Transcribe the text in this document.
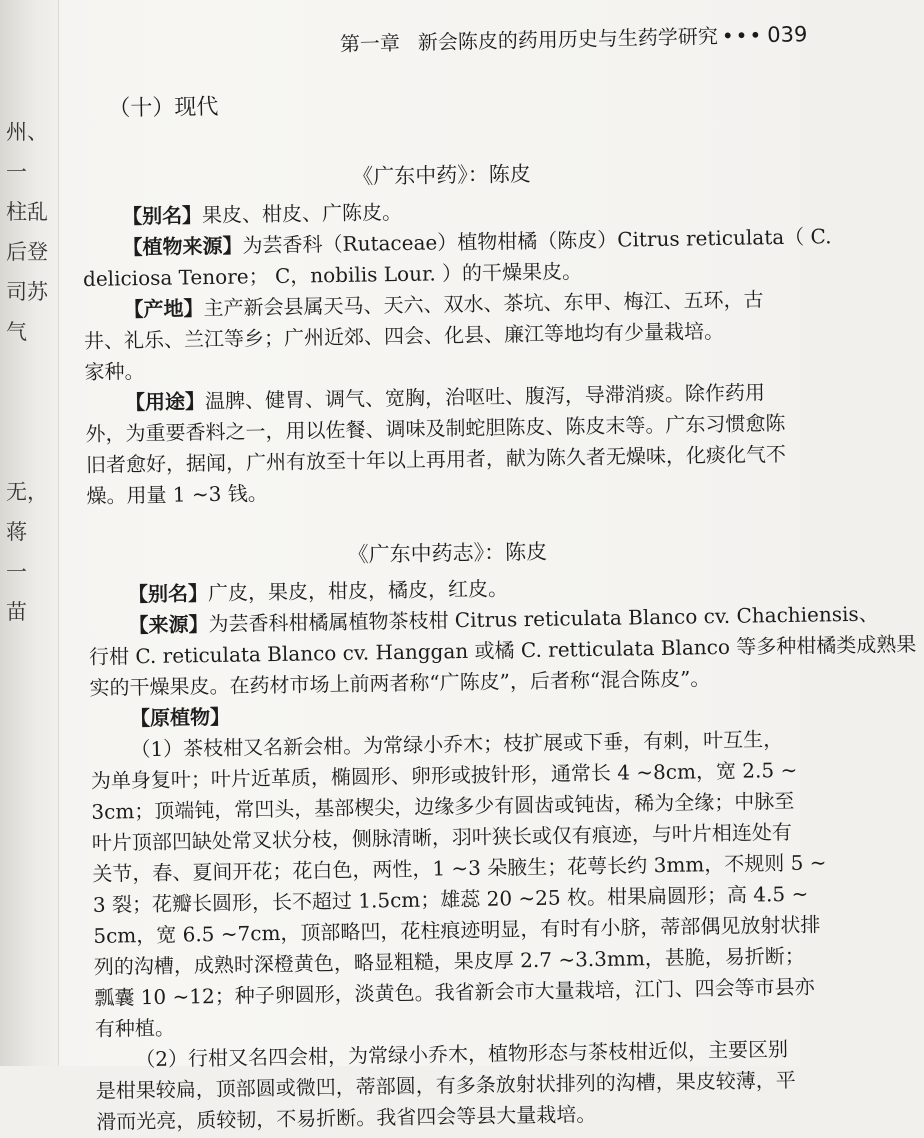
州、
一
柱乱
后登
司苏
气
无，
蒋
一
苗
第一章 新会陈皮的药用历史与生药学研究 ••• 039
（十）现代
《广东中药》：陈皮
【别名】果皮、柑皮、广陈皮。
【植物来源】为芸香科（Rutaceae）植物柑橘（陈皮）Citrus reticulata（ C.
deliciosa Tenore； C，nobilis Lour. ）的干燥果皮。
【产地】主产新会县属天马、天六、双水、茶坑、东甲、梅江、五环，古
井、礼乐、兰江等乡；广州近郊、四会、化县、廉江等地均有少量栽培。
家种。
【用途】温脾、健胃、调气、宽胸，治呕吐、腹泻，导滞消痰。除作药用
外，为重要香料之一，用以佐餐、调味及制蛇胆陈皮、陈皮末等。广东习惯愈陈
旧者愈好，据闻，广州有放至十年以上再用者，献为陈久者无燥味，化痰化气不
燥。用量 1 ~3 钱。
《广东中药志》：陈皮
【别名】广皮，果皮，柑皮，橘皮，红皮。
【来源】为芸香科柑橘属植物茶枝柑 Citrus reticulata Blanco cv. Chachiensis、
行柑 C. reticulata Blanco cv. Hanggan 或橘 C. retticulata Blanco 等多种柑橘类成熟果
实的干燥果皮。在药材市场上前两者称“广陈皮”，后者称“混合陈皮”。
【原植物】
（1）茶枝柑又名新会柑。为常绿小乔木；枝扩展或下垂，有刺，叶互生，
为单身复叶；叶片近革质，椭圆形、卵形或披针形，通常长 4 ~8cm，宽 2.5 ~
3cm；顶端钝，常凹头，基部楔尖，边缘多少有圆齿或钝齿，稀为全缘；中脉至
叶片顶部凹缺处常叉状分枝，侧脉清晰，羽叶狭长或仅有痕迹，与叶片相连处有
关节，春、夏间开花；花白色，两性，1 ~3 朵腋生；花萼长约 3mm，不规则 5 ~
3 裂；花瓣长圆形，长不超过 1.5cm；雄蕊 20 ~25 枚。柑果扁圆形；高 4.5 ~
5cm，宽 6.5 ~7cm，顶部略凹，花柱痕迹明显，有时有小脐，蒂部偶见放射状排
列的沟槽，成熟时深橙黄色，略显粗糙，果皮厚 2.7 ~3.3mm，甚脆，易折断；
瓢囊 10 ~12；种子卵圆形，淡黄色。我省新会市大量栽培，江门、四会等市县亦
有种植。
（2）行柑又名四会柑，为常绿小乔木，植物形态与茶枝柑近似，主要区别
是柑果较扁，顶部圆或微凹，蒂部圆，有多条放射状排列的沟槽，果皮较薄，平
滑而光亮，质较韧，不易折断。我省四会等县大量栽培。
